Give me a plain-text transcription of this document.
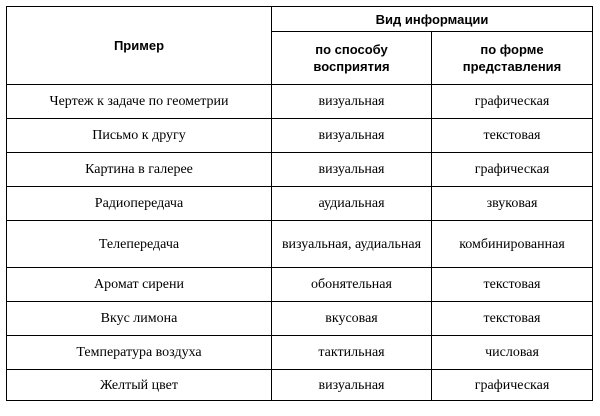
Пример	Вид информации	
	по способу восприятия	по форме представления
Чертеж к задаче по геометрии	визуальная	графическая
Письмо к другу	визуальная	текстовая
Картина в галерее	визуальная	графическая
Радиопередача	аудиальная	звуковая
Телепередача	визуальная, аудиальная	комбинированная
Аромат сирени	обонятельная	текстовая
Вкус лимона	вкусовая	текстовая
Температура воздуха	тактильная	числовая
Желтый цвет	визуальная	графическая
